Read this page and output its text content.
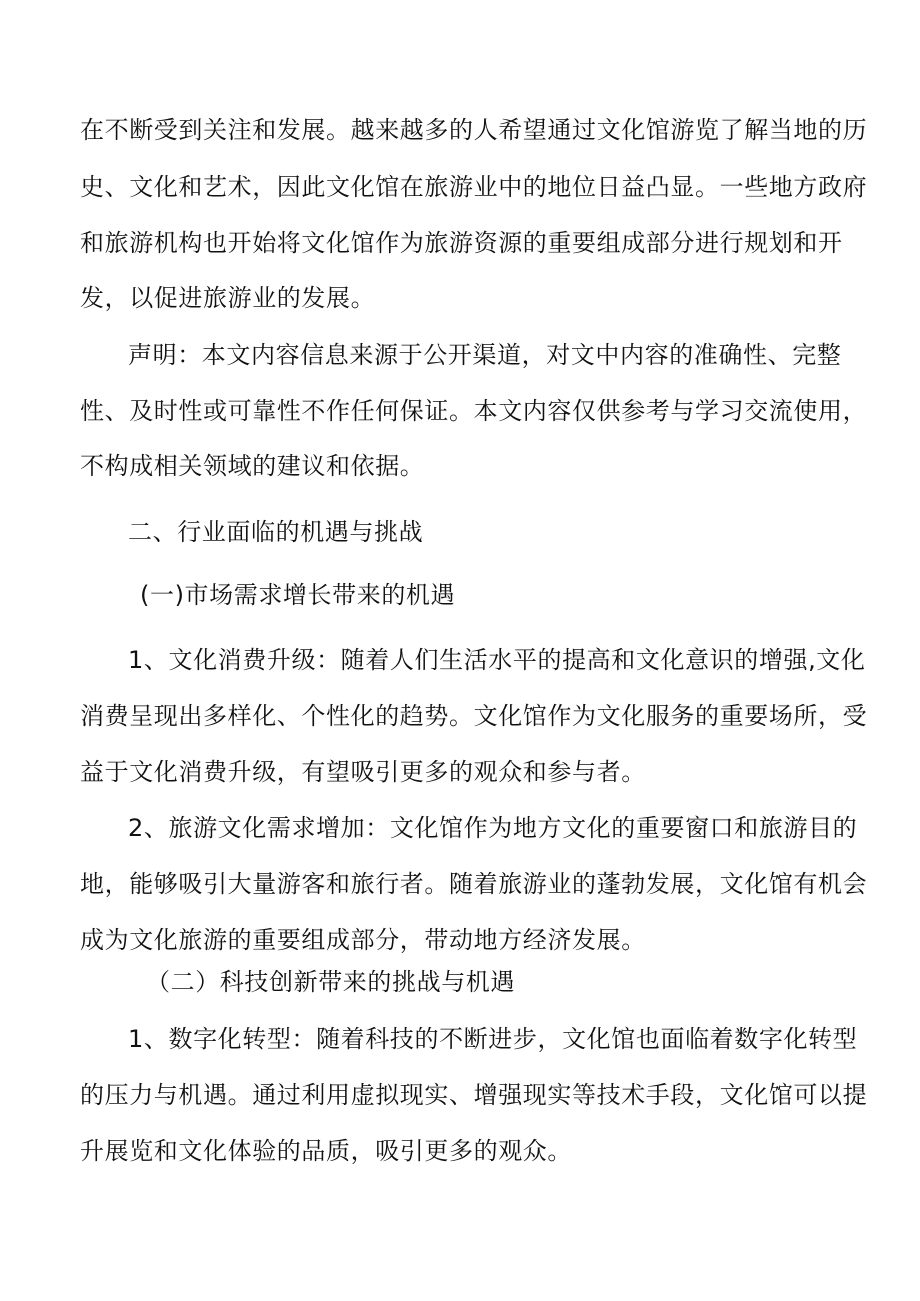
在不断受到关注和发展。越来越多的人希望通过文化馆游览了解当地的历
史、文化和艺术，因此文化馆在旅游业中的地位日益凸显。一些地方政府
和旅游机构也开始将文化馆作为旅游资源的重要组成部分进行规划和开
发，以促进旅游业的发展。
声明：本文内容信息来源于公开渠道，对文中内容的准确性、完整
性、及时性或可靠性不作任何保证。本文内容仅供参考与学习交流使用，
不构成相关领域的建议和依据。
二、行业面临的机遇与挑战
(一)市场需求增长带来的机遇
1、文化消费升级：随着人们生活水平的提高和文化意识的增强,文化
消费呈现出多样化、个性化的趋势。文化馆作为文化服务的重要场所，受
益于文化消费升级，有望吸引更多的观众和参与者。
2、旅游文化需求增加：文化馆作为地方文化的重要窗口和旅游目的
地，能够吸引大量游客和旅行者。随着旅游业的蓬勃发展，文化馆有机会
成为文化旅游的重要组成部分，带动地方经济发展。
（二）科技创新带来的挑战与机遇
1、数字化转型：随着科技的不断进步，文化馆也面临着数字化转型
的压力与机遇。通过利用虚拟现实、增强现实等技术手段，文化馆可以提
升展览和文化体验的品质，吸引更多的观众。
